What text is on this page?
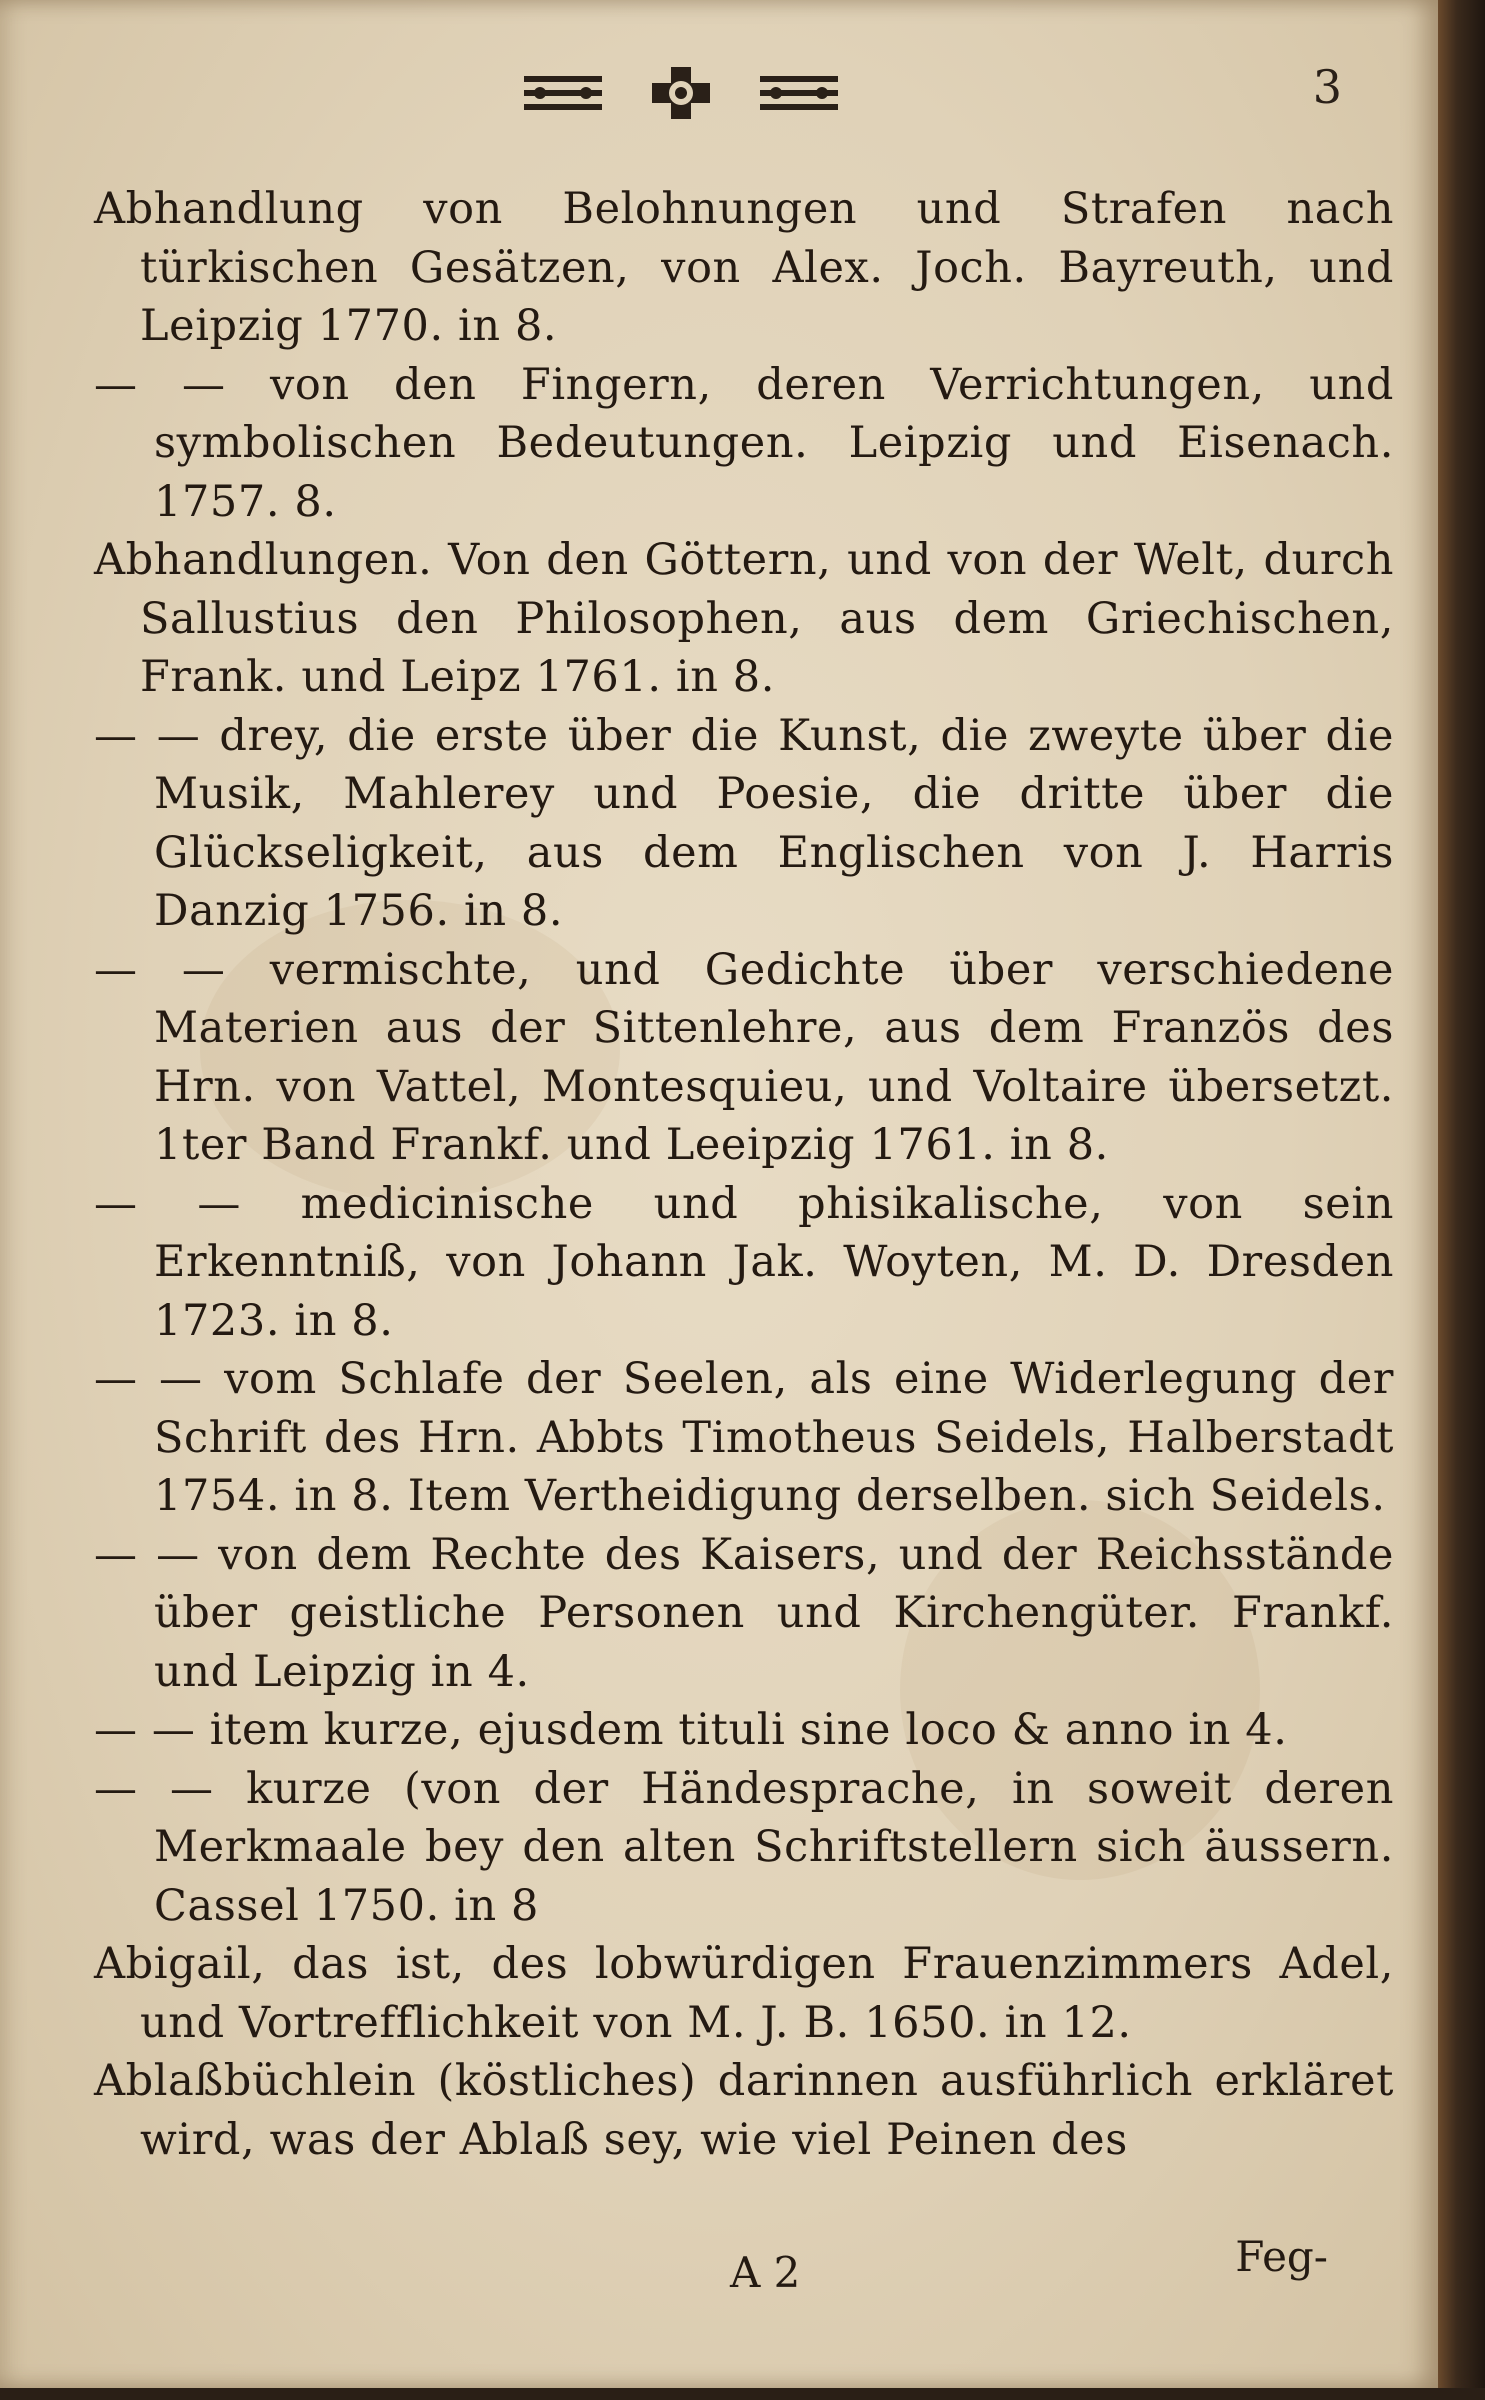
3

Abhandlung von Belohnungen und Strafen nach türkischen Gesätzen, von Alex. Joch. Bayreuth, und Leipzig 1770. in 8.

— — von den Fingern, deren Verrichtungen, und symbolischen Bedeutungen. Leipzig und Eisenach. 1757. 8.

Abhandlungen. Von den Göttern, und von der Welt, durch Sallustius den Philosophen, aus dem Griechischen, Frank. und Leipz 1761. in 8.

— — drey, die erste über die Kunst, die zweyte über die Musik, Mahlerey und Poesie, die dritte über die Glückseligkeit, aus dem Englischen von J. Harris Danzig 1756. in 8.

— — vermischte, und Gedichte über verschiedene Materien aus der Sittenlehre, aus dem Französ des Hrn. von Vattel, Montesquieu, und Voltaire übersetzt. 1ter Band Frankf. und Leeipzig 1761. in 8.

— — medicinische und phisikalische, von sein Erkenntniß, von Johann Jak. Woyten, M. D. Dresden 1723. in 8.

— — vom Schlafe der Seelen, als eine Widerlegung der Schrift des Hrn. Abbts Timotheus Seidels, Halberstadt 1754. in 8. Item Vertheidigung derselben. sich Seidels.

— — von dem Rechte des Kaisers, und der Reichsstände über geistliche Personen und Kirchengüter. Frankf. und Leipzig in 4.

— — item kurze, ejusdem tituli sine loco & anno in 4.

— — kurze (von der Händesprache, in soweit deren Merkmaale bey den alten Schriftstellern sich äussern. Cassel 1750. in 8

Abigail, das ist, des lobwürdigen Frauenzimmers Adel, und Vortrefflichkeit von M. J. B. 1650. in 12.

Ablaßbüchlein (köstliches) darinnen ausführlich erkläret wird, was der Ablaß sey, wie viel Peinen des

A 2	Feg-
